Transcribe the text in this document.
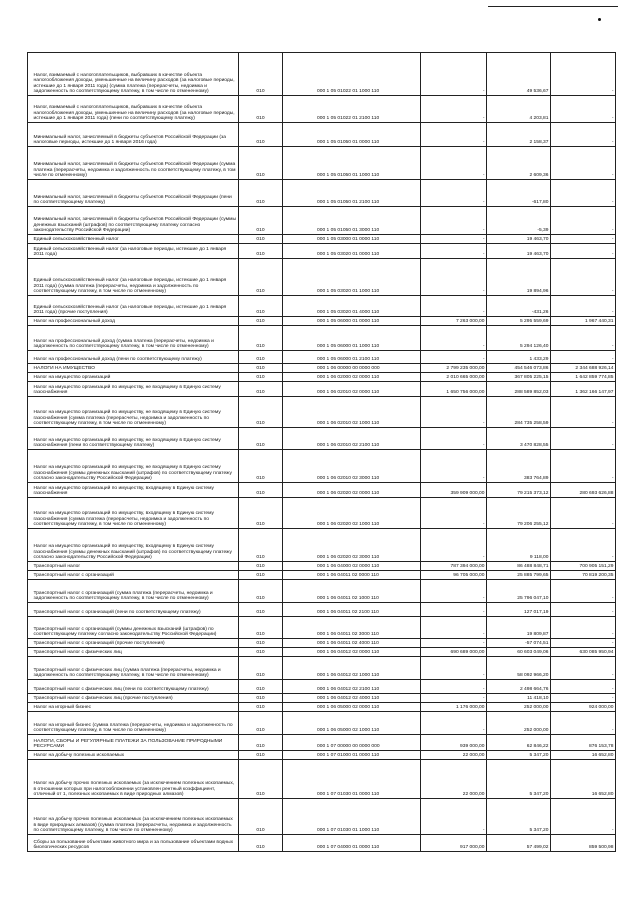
Налог, взимаемый с налогоплательщиков, выбравших в качестве объекта налогообложения доходы, уменьшенные на величину расходов (за налоговые периоды, истекшие до 1 января 2011 года) (сумма платежа (перерасчеты, недоимка и задолженность по соответствующему платежу, в том числе по отмененному)	010	000 1 05 01022 01 1000 110	-	49 536,67	-

Налог, взимаемый с налогоплательщиков, выбравших в качестве объекта налогообложения доходы, уменьшенные на величину расходов (за налоговые периоды, истекшие до 1 января 2011 года) (пени по соответствующему платежу)	010	000 1 05 01022 01 2100 110	-	4 203,81	-

Минимальный налог, зачисляемый в бюджеты субъектов Российской Федерации (за налоговые периоды, истекшие до 1 января 2016 года)	010	000 1 05 01050 01 0000 110	-	2 158,37	-

Минимальный налог, зачисляемый в бюджеты субъектов Российской Федерации (сумма платежа (перерасчеты, недоимка и задолженность по соответствующему платежу, в том числе по отмененному)	010	000 1 05 01050 01 1000 110	-	2 609,36	-

Минимальный налог, зачисляемый в бюджеты субъектов Российской Федерации (пени по соответствующему платежу)	010	000 1 05 01050 01 2100 110	-	-617,80	-

Минимальный налог, зачисляемый в бюджеты субъектов Российской Федерации (суммы денежных взысканий (штрафов) по соответствующему платежу согласно законодательству Российской Федерации)	010	000 1 05 01050 01 3000 110	-	-5,39	-

Единый сельскохозяйственный налог	010	000 1 05 03000 01 0000 110	-	19 463,70	-

Единый сельскохозяйственный налог (за налоговые периоды, истекшие до 1 января 2011 года)	010	000 1 05 03020 01 0000 110	-	19 463,70	-

Единый сельскохозяйственный налог (за налоговые периоды, истекшие до 1 января 2011 года) (сумма платежа (перерасчеты, недоимка и задолженность по соответствующему платежу, в том числе по отмененному)	010	000 1 05 03020 01 1000 110	-	19 894,96	-

Единый сельскохозяйственный налог (за налоговые периоды, истекшие до 1 января 2011 года) (прочие поступления)	010	000 1 05 03020 01 4000 110	-	-431,26	-

Налог на профессиональный доход	010	000 1 05 06000 01 0000 110	7 263 000,00	5 295 559,69	1 967 440,31

Налог на профессиональный доход (сумма платежа (перерасчеты, недоимка и задолженность по соответствующему платежу, в том числе по отмененному)	010	000 1 05 06000 01 1000 110	-	5 294 126,40	-

Налог на профессиональный доход (пени по соответствующему платежу)	010	000 1 05 06000 01 2100 110	-	1 433,29	-

НАЛОГИ НА ИМУЩЕСТВО	010	000 1 06 00000 00 0000 000	2 799 235 000,00	454 546 073,86	2 344 688 926,14

Налог на имущество организаций	010	000 1 06 02000 02 0000 110	2 010 665 000,00	367 805 225,15	1 642 859 774,85

Налог на имущество организаций по имуществу, не входящему в Единую систему газоснабжения	010	000 1 06 02010 02 0000 110	1 650 756 000,00	288 589 852,03	1 362 166 147,97

Налог на имущество организаций по имуществу, не входящему в Единую систему газоснабжения (сумма платежа (перерасчеты, недоимка и задолженность по соответствующему платежу, в том числе по отмененному)	010	000 1 06 02010 02 1000 110	-	284 735 258,59	-

Налог на имущество организаций по имуществу, не входящему в Единую систему газоснабжения (пени по соответствующему платежу)	010	000 1 06 02010 02 2100 110	-	3 470 828,55	-

Налог на имущество организаций по имуществу, не входящему в Единую систему газоснабжения (суммы денежных взысканий (штрафов) по соответствующему платежу согласно законодательству Российской Федерации)	010	000 1 06 02010 02 3000 110	-	383 764,89	-

Налог на имущество организаций по имуществу, входящему в Единую систему газоснабжения	010	000 1 06 02020 02 0000 110	359 909 000,00	79 215 373,12	280 693 626,88

Налог на имущество организаций по имуществу, входящему в Единую систему газоснабжения (сумма платежа (перерасчеты, недоимка и задолженность по соответствующему платежу, в том числе по отмененному)	010	000 1 06 02020 02 1000 110	-	79 206 255,12	-

Налог на имущество организаций по имуществу, входящему в Единую систему газоснабжения (суммы денежных взысканий (штрафов) по соответствующему платежу согласно законодательству Российской Федерации)	010	000 1 06 02020 02 3000 110	-	9 118,00	-

Транспортный налог	010	000 1 06 04000 02 0000 110	787 394 000,00	86 488 848,71	700 905 151,29

Транспортный налог с организаций	010	000 1 06 04011 02 0000 110	96 705 000,00	25 885 799,65	70 819 200,35

Транспортный налог с организаций (сумма платежа (перерасчеты, недоимка и задолженность по соответствующему платежу, в том числе по отмененному)	010	000 1 06 04011 02 1000 110	-	25 796 047,10	-

Транспортный налог с организаций (пени по соответствующему платежу)	010	000 1 06 04011 02 2100 110	-	127 017,19	-

Транспортный налог с организаций (суммы денежных взысканий (штрафов) по соответствующему платежу согласно законодательству Российской Федерации)	010	000 1 06 04011 02 3000 110	-	19 809,87	-

Транспортный налог с организаций (прочие поступления)	010	000 1 06 04011 02 4000 110	-	-57 074,51	-

Транспортный налог с физических лиц	010	000 1 06 04012 02 0000 110	690 689 000,00	60 603 049,06	630 085 950,94

Транспортный налог с физических лиц (сумма платежа (перерасчеты, недоимка и задолженность по соответствующему платежу, в том числе по отмененному)	010	000 1 06 04012 02 1000 110	-	58 092 966,20	-

Транспортный налог с физических лиц (пени по соответствующему платежу)	010	000 1 06 04012 02 2100 110	-	2 498 664,76	-

Транспортный налог с физических лиц (прочие поступления)	010	000 1 06 04012 02 4000 110	-	11 418,10	-

Налог на игорный бизнес	010	000 1 06 05000 02 0000 110	1 176 000,00	252 000,00	924 000,00

Налог на игорный бизнес (сумма платежа (перерасчеты, недоимка и задолженность по соответствующему платежу, в том числе по отмененному)	010	000 1 06 05000 02 1000 110	-	252 000,00	-

НАЛОГИ, СБОРЫ И РЕГУЛЯРНЫЕ ПЛАТЕЖИ ЗА ПОЛЬЗОВАНИЕ ПРИРОДНЫМИ РЕСУРСАМИ	010	000 1 07 00000 00 0000 000	939 000,00	62 846,22	876 153,78

Налог на добычу полезных ископаемых	010	000 1 07 01000 01 0000 110	22 000,00	5 347,20	16 652,80

Налог на добычу прочих полезных ископаемых (за исключением полезных ископаемых, в отношении которых при налогообложении установлен рентный коэффициент, отличный от 1, полезных ископаемых в виде природных алмазов)	010	000 1 07 01030 01 0000 110	22 000,00	5 347,20	16 652,80

Налог на добычу прочих полезных ископаемых (за исключением полезных ископаемых в виде природных алмазов) (сумма платежа (перерасчеты, недоимка и задолженность по соответствующему платежу, в том числе по отмененному)	010	000 1 07 01030 01 1000 110	-	5 347,20	-

Сборы за пользование объектами животного мира и за пользование объектами водных биологических ресурсов	010	000 1 07 04000 01 0000 110	917 000,00	57 499,02	859 500,98
